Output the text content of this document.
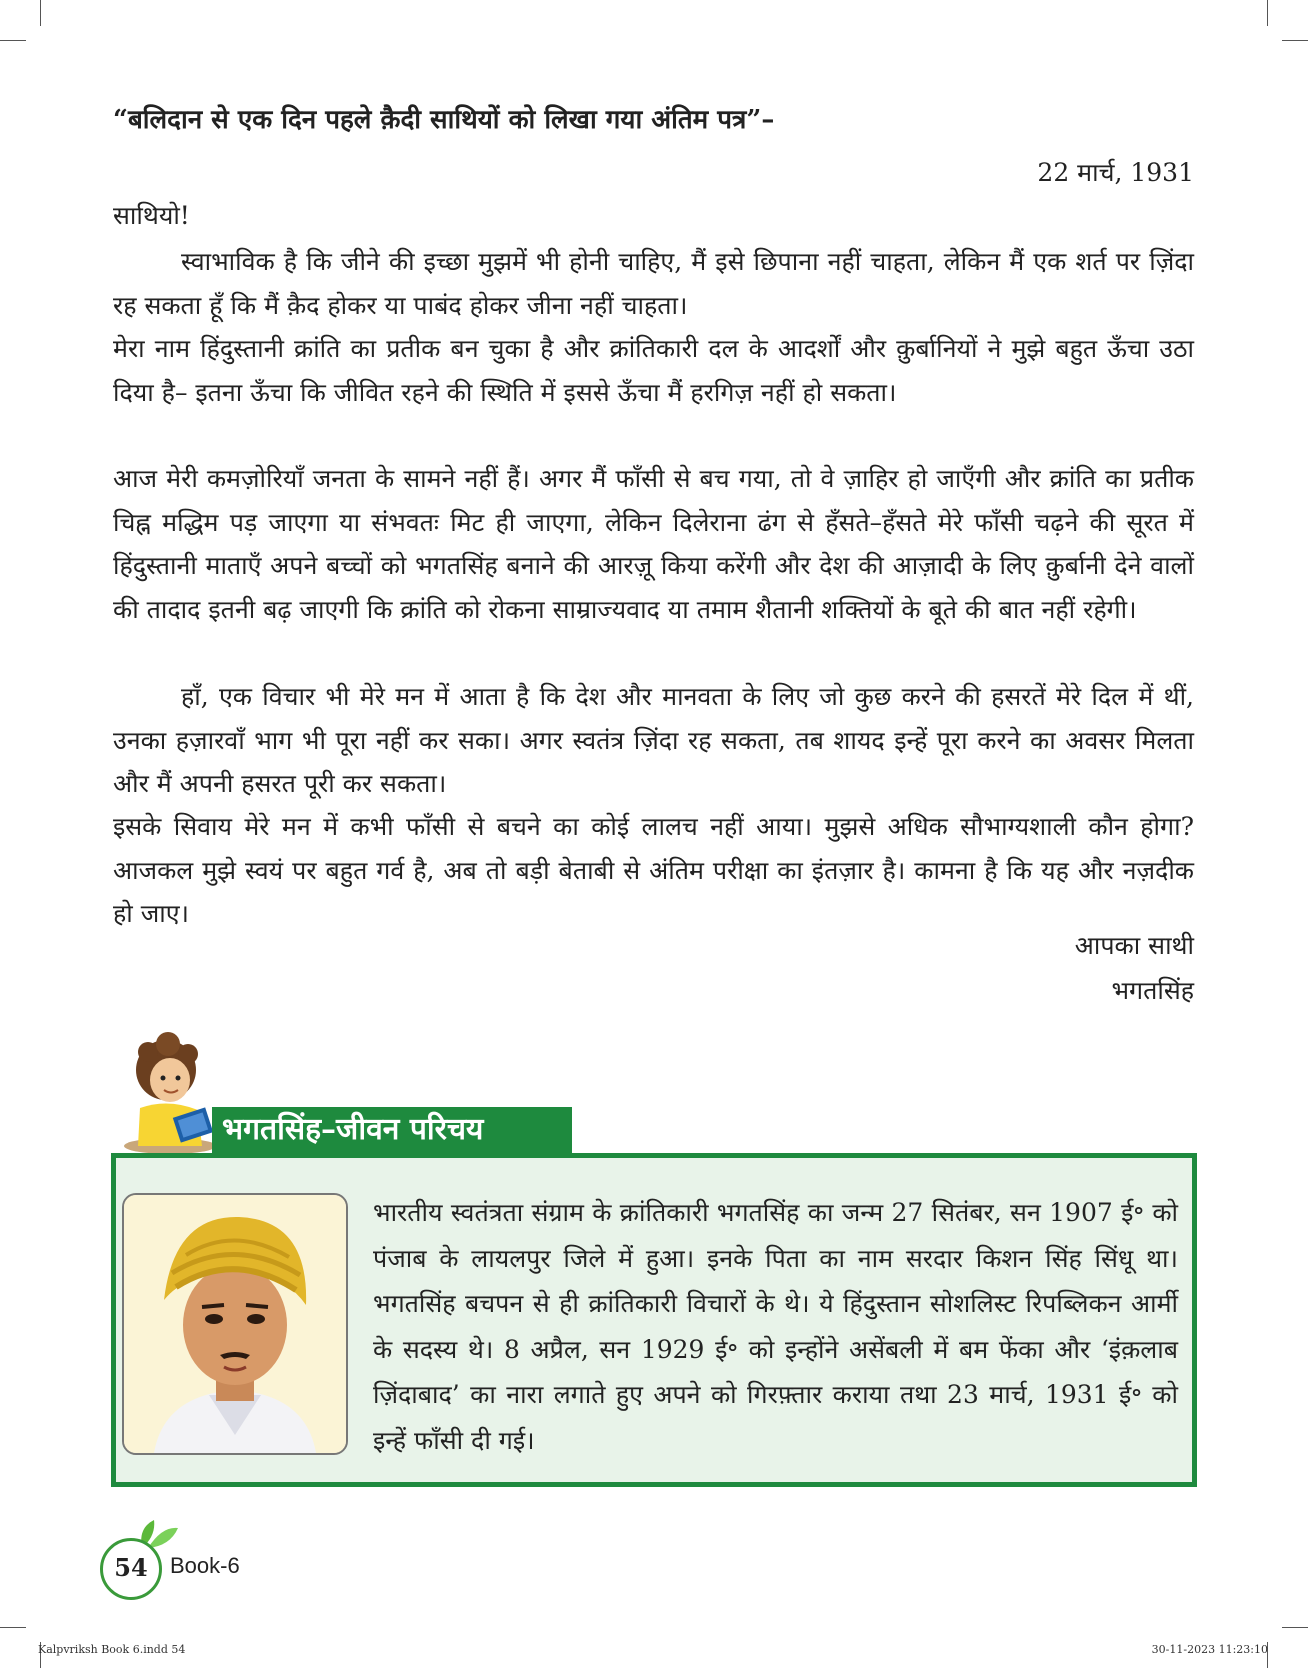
“बलिदान से एक दिन पहले क़ैदी साथियों को लिखा गया अंतिम पत्र”–
22 मार्च, 1931
साथियो!

स्वाभाविक है कि जीने की इच्छा मुझमें भी होनी चाहिए, मैं इसे छिपाना नहीं चाहता, लेकिन मैं एक शर्त पर ज़िंदा रह सकता हूँ कि मैं क़ैद होकर या पाबंद होकर जीना नहीं चाहता।

मेरा नाम हिंदुस्तानी क्रांति का प्रतीक बन चुका है और क्रांतिकारी दल के आदर्शों और कु़र्बानियों ने मुझे बहुत ऊँचा उठा दिया है– इतना ऊँचा कि जीवित रहने की स्थिति में इससे ऊँचा मैं हरगिज़ नहीं हो सकता।

आज मेरी कमज़ोरियाँ जनता के सामने नहीं हैं। अगर मैं फाँसी से बच गया, तो वे ज़ाहिर हो जाएँगी और क्रांति का प्रतीक चिह्न मद्धिम पड़ जाएगा या संभवतः मिट ही जाएगा, लेकिन दिलेराना ढंग से हँसते–हँसते मेरे फाँसी चढ़ने की सूरत में हिंदुस्तानी माताएँ अपने बच्चों को भगतसिंह बनाने की आरज़ू किया करेंगी और देश की आज़ादी के लिए कु़र्बानी देने वालों की तादाद इतनी बढ़ जाएगी कि क्रांति को रोकना साम्राज्यवाद या तमाम शैतानी शक्तियों के बूते की बात नहीं रहेगी।

हाँ, एक विचार भी मेरे मन में आता है कि देश और मानवता के लिए जो कुछ करने की हसरतें मेरे दिल में थीं, उनका हज़ारवाँ भाग भी पूरा नहीं कर सका। अगर स्वतंत्र ज़िंदा रह सकता, तब शायद इन्हें पूरा करने का अवसर मिलता और मैं अपनी हसरत पूरी कर सकता।

इसके सिवाय मेरे मन में कभी फाँसी से बचने का कोई लालच नहीं आया। मुझसे अधिक सौभाग्यशाली कौन होगा? आजकल मुझे स्वयं पर बहुत गर्व है, अब तो बड़ी बेताबी से अंतिम परीक्षा का इंतज़ार है। कामना है कि यह और नज़दीक हो जाए।

आपका साथी
भगतसिंह
भगतसिंह–जीवन परिचय

भारतीय स्वतंत्रता संग्राम के क्रांतिकारी भगतसिंह का जन्म 27 सितंबर, सन 1907 ई॰ को पंजाब के लायलपुर जिले में हुआ। इनके पिता का नाम सरदार किशन सिंह सिंधू था। भगतसिंह बचपन से ही क्रांतिकारी विचारों के थे। ये हिंदुस्तान सोशलिस्ट रिपब्लिकन आर्मी के सदस्य थे। 8 अप्रैल, सन 1929 ई॰ को इन्होंने असेंबली में बम फेंका और ‘इंक़लाब ज़िंदाबाद’ का नारा लगाते हुए अपने को गिरफ़्तार कराया तथा 23 मार्च, 1931 ई॰ को इन्हें फाँसी दी गई।

54	Book-6
Kalpvriksh Book 6.indd 54	30-11-2023 11:23:10
